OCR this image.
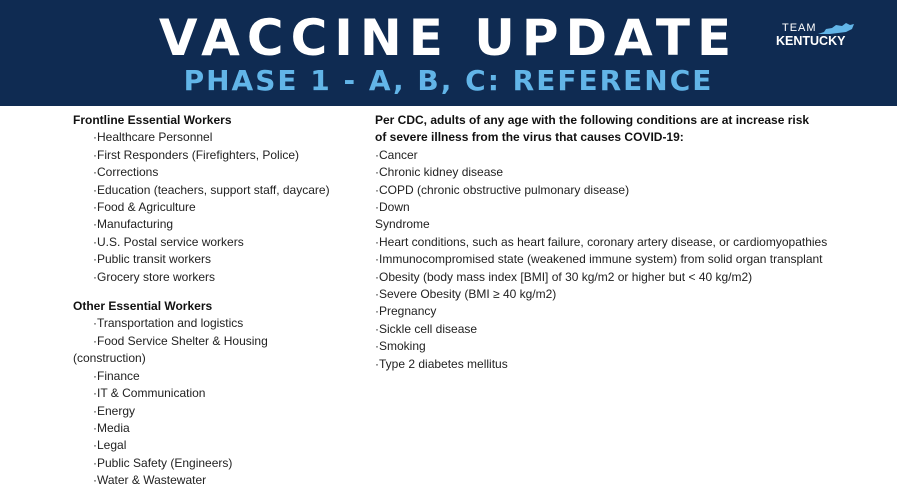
VACCINE UPDATE
PHASE 1 - A, B, C: REFERENCE
TEAM
KENTUCKY

Frontline Essential Workers

·Healthcare Personnel
·First Responders (Firefighters, Police)
·Corrections
·Education (teachers, support staff, daycare)
·Food & Agriculture
·Manufacturing
·U.S. Postal service workers
·Public transit workers
·Grocery store workers

Other Essential Workers

·Transportation and logistics
·Food Service Shelter & Housing
(construction)
·Finance
·IT & Communication
·Energy
·Media
·Legal
·Public Safety (Engineers)
·Water & Wastewater

Per CDC, adults of any age with the following conditions are at increase risk

of severe illness from the virus that causes COVID-19:

·Cancer
·Chronic kidney disease
·COPD (chronic obstructive pulmonary disease)
·Down
Syndrome
·Heart conditions, such as heart failure, coronary artery disease, or cardiomyopathies
·Immunocompromised state (weakened immune system) from solid organ transplant
·Obesity (body mass index [BMI] of 30 kg/m2 or higher but < 40 kg/m2)
·Severe Obesity (BMI ≥ 40 kg/m2)
·Pregnancy
·Sickle cell disease
·Smoking
·Type 2 diabetes mellitus
